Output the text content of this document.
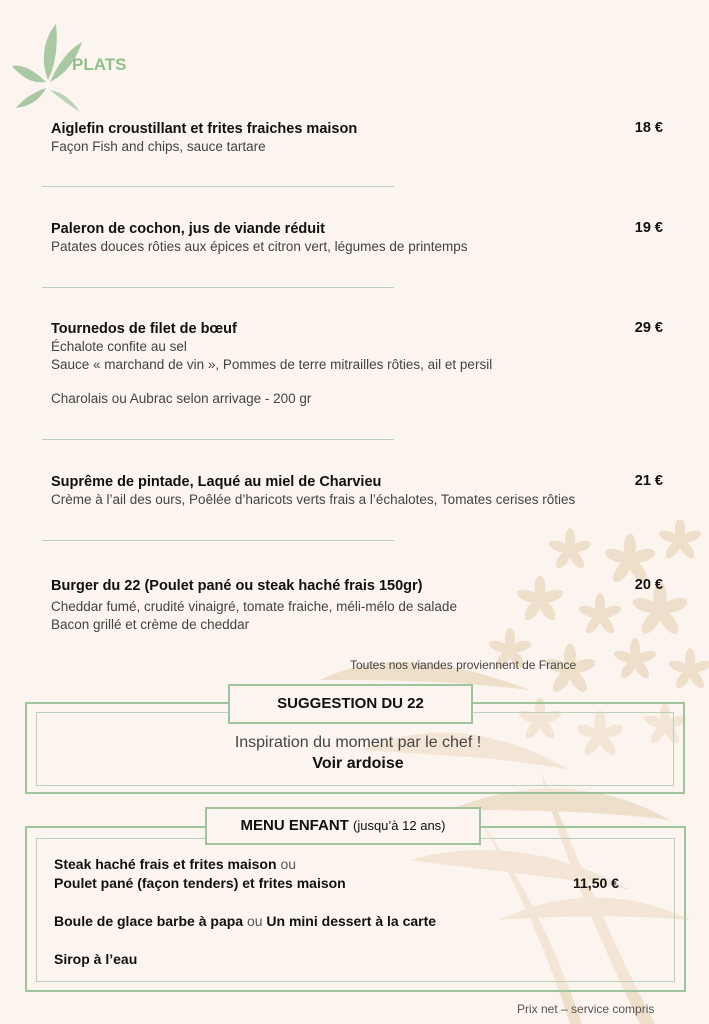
PLATS
Aiglefin croustillant et frites fraiches maison	18 €
Façon Fish and chips, sauce tartare
Paleron de cochon, jus de viande réduit	19 €
Patates douces rôties aux épices et citron vert, légumes de printemps
Tournedos de filet de bœuf	29 €
Échalote confite au sel
Sauce « marchand de vin », Pommes de terre mitrailles rôties, ail et persil
Charolais ou Aubrac selon arrivage - 200 gr
Suprême de pintade, Laqué au miel de Charvieu	21 €
Crème à l’ail des ours, Poêlée d’haricots verts frais a l’échalotes, Tomates cerises rôties
Burger du 22 (Poulet pané ou steak haché frais 150gr)	20 €
Cheddar fumé, crudité vinaigré, tomate fraiche, méli-mélo de salade
Bacon grillé et crème de cheddar
Toutes nos viandes proviennent de France
SUGGESTION DU 22
Inspiration du moment par le chef !
Voir ardoise
MENU ENFANT (jusqu’à 12 ans)
Steak haché frais et frites maison ou
Poulet pané (façon tenders) et frites maison	11,50 €
Boule de glace barbe à papa ou Un mini dessert à la carte
Sirop à l’eau
Prix net – service compris
